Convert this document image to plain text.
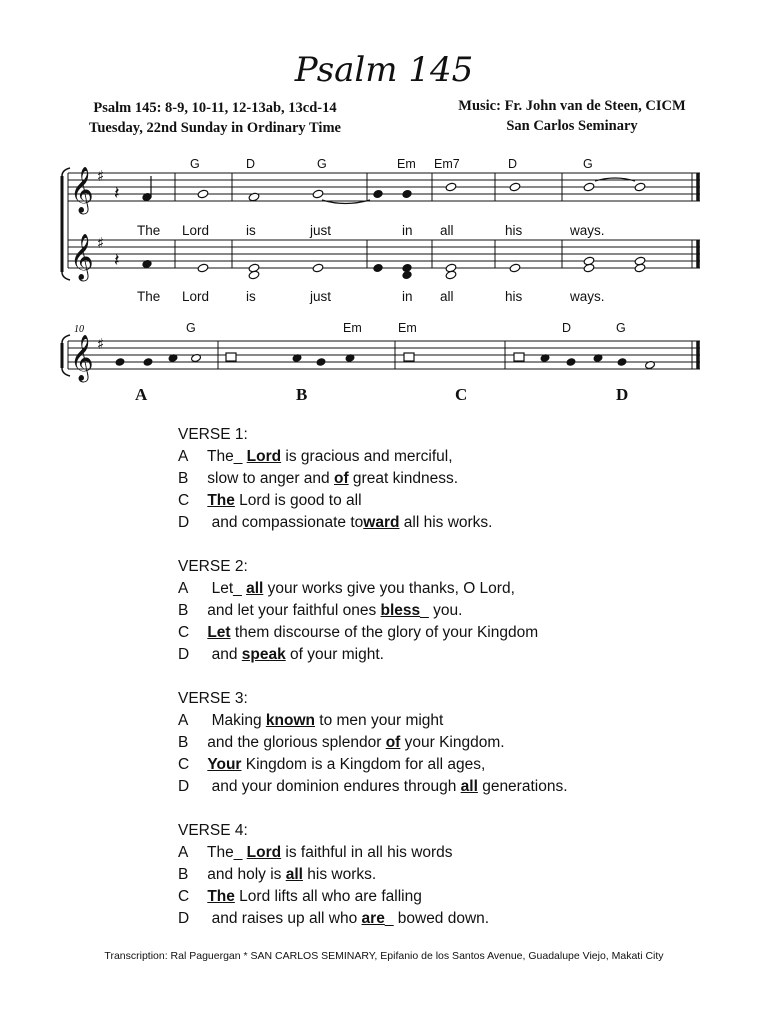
Psalm 145
Psalm 145: 8-9, 10-11, 12-13ab, 13cd-14
Tuesday, 22nd Sunday in Ordinary Time
Music: Fr. John van de Steen, CICM
San Carlos Seminary
𝄞
𝄞
𝄞
♯
♯
♯
𝄽
𝄽
G	D	G	Em Em7	D	G
The Lord	is	just	in all	his	ways.
The Lord	is	just	in all	his	ways.
10	G	Em	Em	D	G
A	B	C	D
VERSE 1:
A The_ Lord is gracious and merciful,
B slow to anger and of great kindness.
C The Lord is good to all
D  and compassionate toward all his works.
VERSE 2:
A  Let_ all your works give you thanks, O Lord,
B and let your faithful ones bless_ you.
C Let them discourse of the glory of your Kingdom
D  and speak of your might.
VERSE 3:
A  Making known to men your might
B and the glorious splendor of your Kingdom.
C Your Kingdom is a Kingdom for all ages,
D  and your dominion endures through all generations.
VERSE 4:
A The_ Lord is faithful in all his words
B and holy is all his works.
C The Lord lifts all who are falling
D  and raises up all who are_ bowed down.
Transcription: Ral Paguergan * SAN CARLOS SEMINARY, Epifanio de los Santos Avenue, Guadalupe Viejo, Makati City
